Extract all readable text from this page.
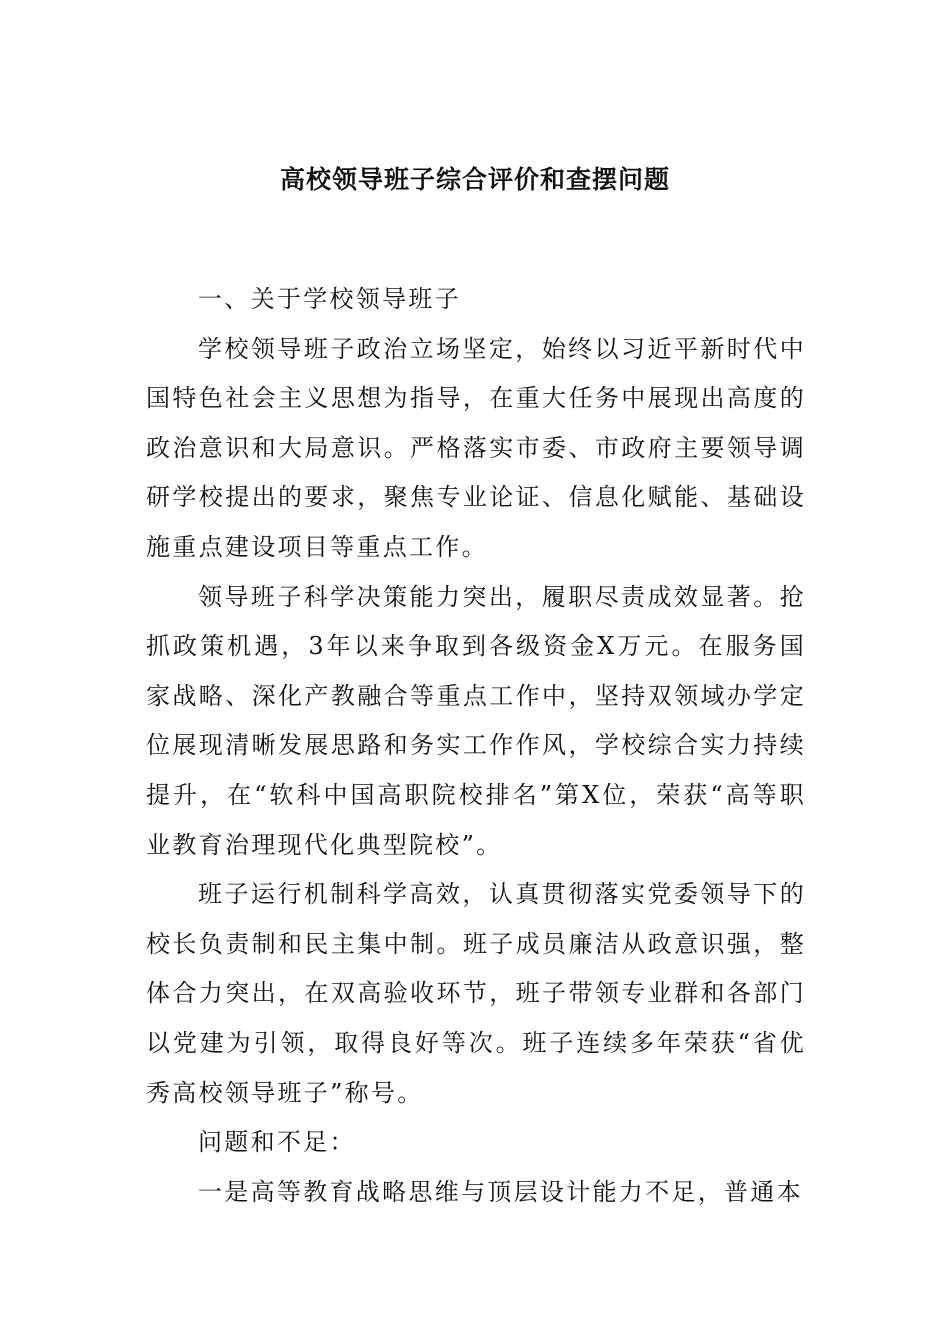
高校领导班子综合评价和查摆问题

一、关于学校领导班子

学校领导班子政治立场坚定，始终以习近平新时代中国特色社会主义思想为指导，在重大任务中展现出高度的政治意识和大局意识。严格落实市委、市政府主要领导调研学校提出的要求，聚焦专业论证、信息化赋能、基础设施重点建设项目等重点工作。

领导班子科学决策能力突出，履职尽责成效显著。抢抓政策机遇，3年以来争取到各级资金X万元。在服务国家战略、深化产教融合等重点工作中，坚持双领域办学定位展现清晰发展思路和务实工作作风，学校综合实力持续提升，在“软科中国高职院校排名”第X位，荣获“高等职业教育治理现代化典型院校”。

班子运行机制科学高效，认真贯彻落实党委领导下的校长负责制和民主集中制。班子成员廉洁从政意识强，整体合力突出，在双高验收环节，班子带领专业群和各部门以党建为引领，取得良好等次。班子连续多年荣获“省优秀高校领导班子”称号。

问题和不足：

一是高等教育战略思维与顶层设计能力不足，普通本
